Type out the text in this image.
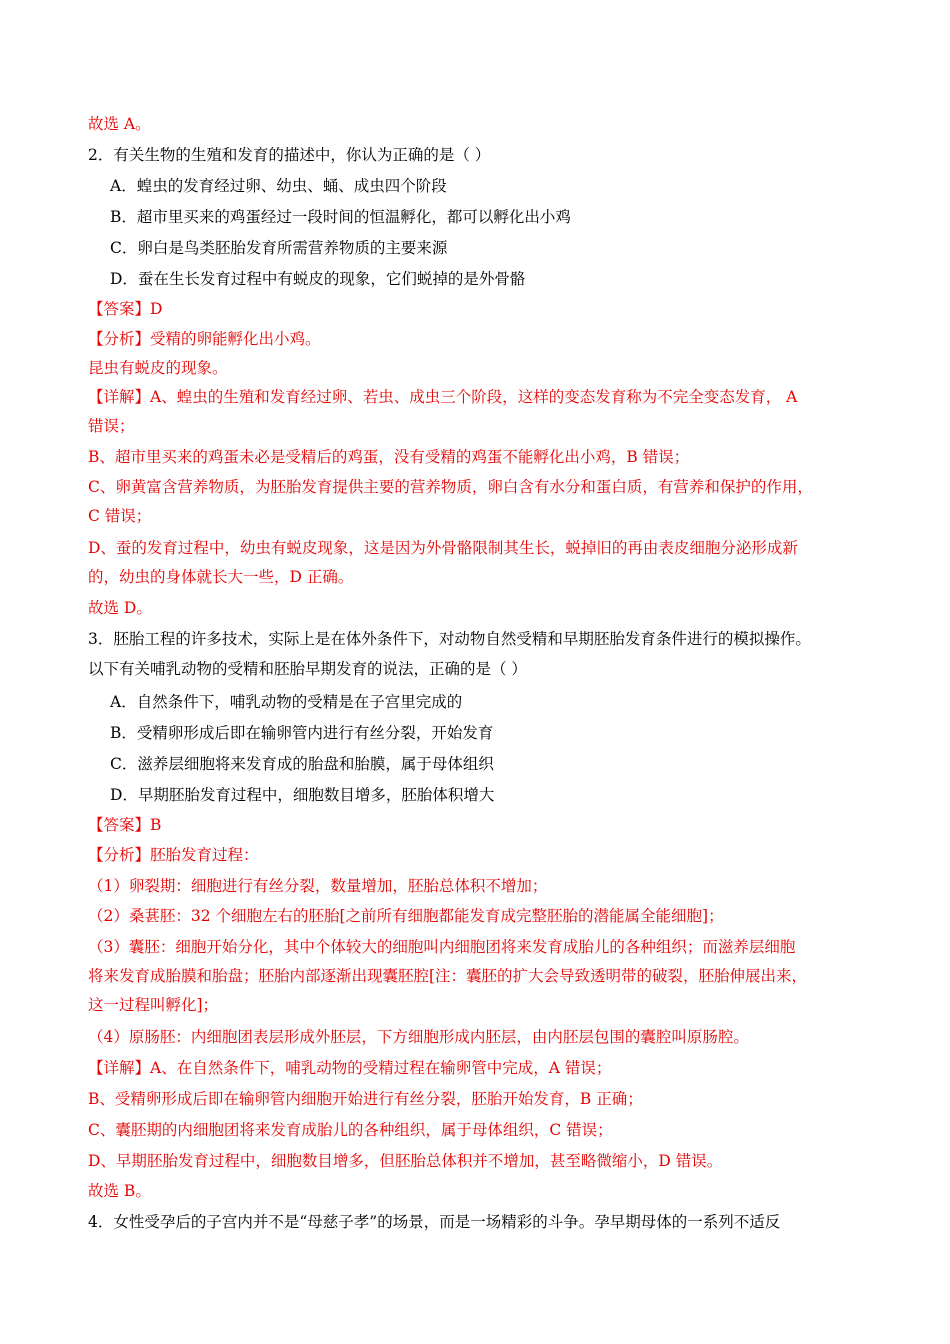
故选 A。
2．有关生物的生殖和发育的描述中，你认为正确的是（ ）
A．蝗虫的发育经过卵、幼虫、蛹、成虫四个阶段
B．超市里买来的鸡蛋经过一段时间的恒温孵化，都可以孵化出小鸡
C．卵白是鸟类胚胎发育所需营养物质的主要来源
D．蚕在生长发育过程中有蜕皮的现象，它们蜕掉的是外骨骼
【答案】D
【分析】受精的卵能孵化出小鸡。
昆虫有蜕皮的现象。
【详解】A、蝗虫的生殖和发育经过卵、若虫、成虫三个阶段，这样的变态发育称为不完全变态发育， A
错误；
B、超市里买来的鸡蛋未必是受精后的鸡蛋，没有受精的鸡蛋不能孵化出小鸡，B 错误；
C、卵黄富含营养物质，为胚胎发育提供主要的营养物质，卵白含有水分和蛋白质，有营养和保护的作用，
C 错误；
D、蚕的发育过程中，幼虫有蜕皮现象，这是因为外骨骼限制其生长，蜕掉旧的再由表皮细胞分泌形成新
的，幼虫的身体就长大一些，D 正确。
故选 D。
3．胚胎工程的许多技术，实际上是在体外条件下，对动物自然受精和早期胚胎发育条件进行的模拟操作。
以下有关哺乳动物的受精和胚胎早期发育的说法，正确的是（ ）
A．自然条件下，哺乳动物的受精是在子宫里完成的
B．受精卵形成后即在输卵管内进行有丝分裂，开始发育
C．滋养层细胞将来发育成的胎盘和胎膜，属于母体组织
D．早期胚胎发育过程中，细胞数目增多，胚胎体积增大
【答案】B
【分析】胚胎发育过程：
（1）卵裂期：细胞进行有丝分裂，数量增加，胚胎总体积不增加；
（2）桑葚胚：32 个细胞左右的胚胎[之前所有细胞都能发育成完整胚胎的潜能属全能细胞]；
（3）囊胚：细胞开始分化，其中个体较大的细胞叫内细胞团将来发育成胎儿的各种组织；而滋养层细胞
将来发育成胎膜和胎盘；胚胎内部逐渐出现囊胚腔[注：囊胚的扩大会导致透明带的破裂，胚胎伸展出来，
这一过程叫孵化]；
（4）原肠胚：内细胞团表层形成外胚层，下方细胞形成内胚层，由内胚层包围的囊腔叫原肠腔。
【详解】A、在自然条件下，哺乳动物的受精过程在输卵管中完成，A 错误；
B、受精卵形成后即在输卵管内细胞开始进行有丝分裂，胚胎开始发育，B 正确；
C、囊胚期的内细胞团将来发育成胎儿的各种组织，属于母体组织，C 错误；
D、早期胚胎发育过程中，细胞数目增多，但胚胎总体积并不增加，甚至略微缩小，D 错误。
故选 B。
4．女性受孕后的子宫内并不是“母慈子孝”的场景，而是一场精彩的斗争。孕早期母体的一系列不适反
